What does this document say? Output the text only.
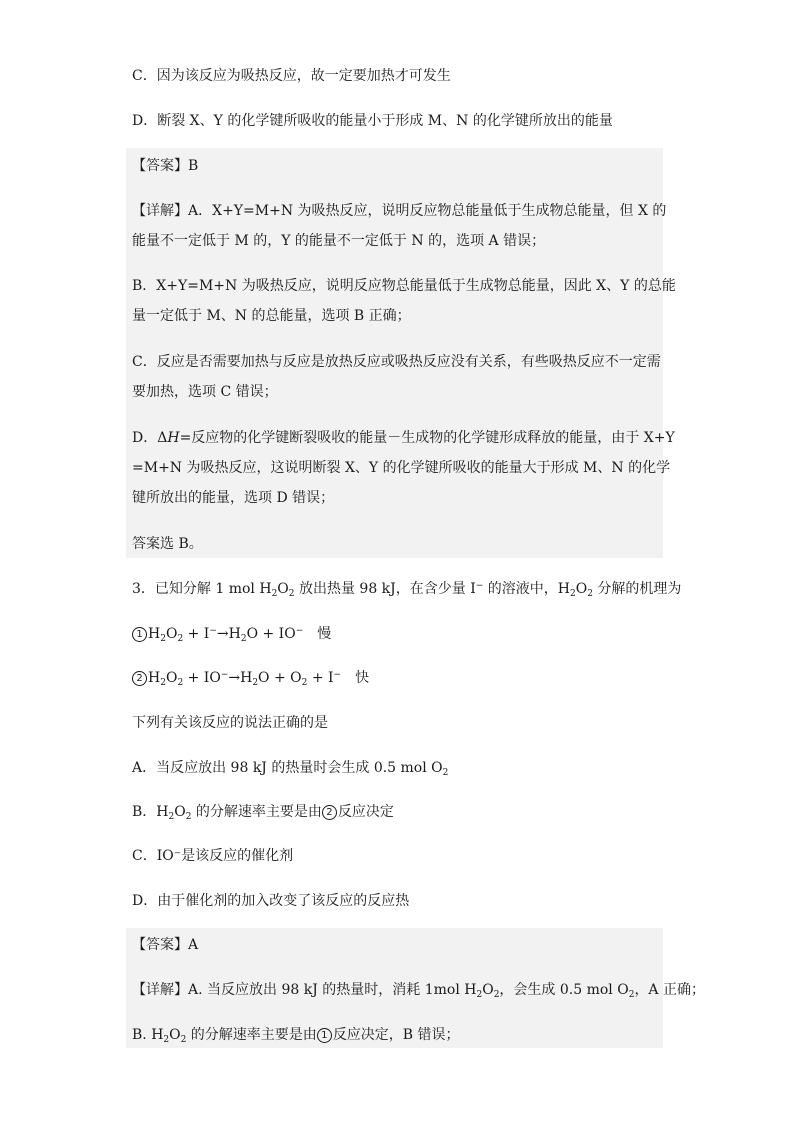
C．因为该反应为吸热反应，故一定要加热才可发生
D．断裂 X、Y 的化学键所吸收的能量小于形成 M、N 的化学键所放出的能量
【答案】B
【详解】A．X+Y=M+N 为吸热反应，说明反应物总能量低于生成物总能量，但 X 的
能量不一定低于 M 的，Y 的能量不一定低于 N 的，选项 A 错误；
B．X+Y=M+N 为吸热反应，说明反应物总能量低于生成物总能量，因此 X、Y 的总能
量一定低于 M、N 的总能量，选项 B 正确；
C．反应是否需要加热与反应是放热反应或吸热反应没有关系，有些吸热反应不一定需
要加热，选项 C 错误；
D．ΔH=反应物的化学键断裂吸收的能量－生成物的化学键形成释放的能量，由于 X+Y
=M+N 为吸热反应，这说明断裂 X、Y 的化学键所吸收的能量大于形成 M、N 的化学
键所放出的能量，选项 D 错误；
答案选 B。
3．已知分解 1 mol $H_2O_2$ 放出热量 98 kJ，在含少量 I− 的溶液中，$H_2O_2$ 分解的机理为
1 $H_2O_2 + I^-\to H_2O + IO^-$ 慢
2 $H_2O_2 + IO^-\to H_2O + O_2 + I^-$ 快
下列有关该反应的说法正确的是
A．当反应放出 98 kJ 的热量时会生成 0.5 mol $O_2$
B．$H_2O_2$ 的分解速率主要是由 2 反应决定
C．IO⁻是该反应的催化剂
D．由于催化剂的加入改变了该反应的反应热
【答案】A
【详解】A. 当反应放出 98 kJ 的热量时，消耗 1mol $H_2O_2$，会生成 0.5 mol $O_2$，A 正确；
B. $H_2O_2$ 的分解速率主要是由 1 反应决定，B 错误；
